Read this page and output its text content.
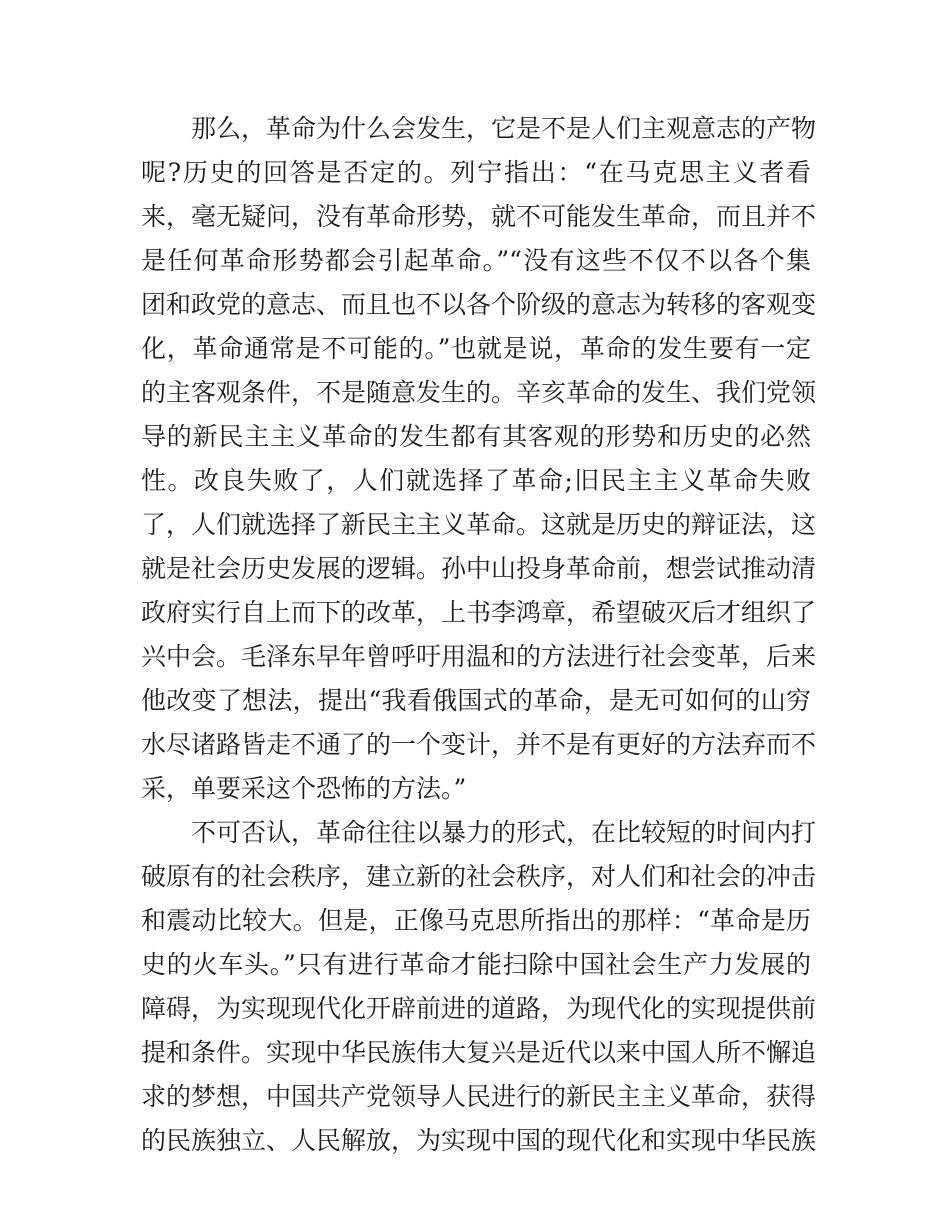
那么，革命为什么会发生，它是不是人们主观意志的产物
呢?历史的回答是否定的。列宁指出：“在马克思主义者看
来，毫无疑问，没有革命形势，就不可能发生革命，而且并不
是任何革命形势都会引起革命。”“没有这些不仅不以各个集
团和政党的意志、而且也不以各个阶级的意志为转移的客观变
化，革命通常是不可能的。”也就是说，革命的发生要有一定
的主客观条件，不是随意发生的。辛亥革命的发生、我们党领
导的新民主主义革命的发生都有其客观的形势和历史的必然
性。改良失败了，人们就选择了革命;旧民主主义革命失败
了，人们就选择了新民主主义革命。这就是历史的辩证法，这
就是社会历史发展的逻辑。孙中山投身革命前，想尝试推动清
政府实行自上而下的改革，上书李鸿章，希望破灭后才组织了
兴中会。毛泽东早年曾呼吁用温和的方法进行社会变革，后来
他改变了想法，提出“我看俄国式的革命，是无可如何的山穷
水尽诸路皆走不通了的一个变计，并不是有更好的方法弃而不
采，单要采这个恐怖的方法。”
不可否认，革命往往以暴力的形式，在比较短的时间内打
破原有的社会秩序，建立新的社会秩序，对人们和社会的冲击
和震动比较大。但是，正像马克思所指出的那样：“革命是历
史的火车头。”只有进行革命才能扫除中国社会生产力发展的
障碍，为实现现代化开辟前进的道路，为现代化的实现提供前
提和条件。实现中华民族伟大复兴是近代以来中国人所不懈追
求的梦想，中国共产党领导人民进行的新民主主义革命，获得
的民族独立、人民解放，为实现中国的现代化和实现中华民族
